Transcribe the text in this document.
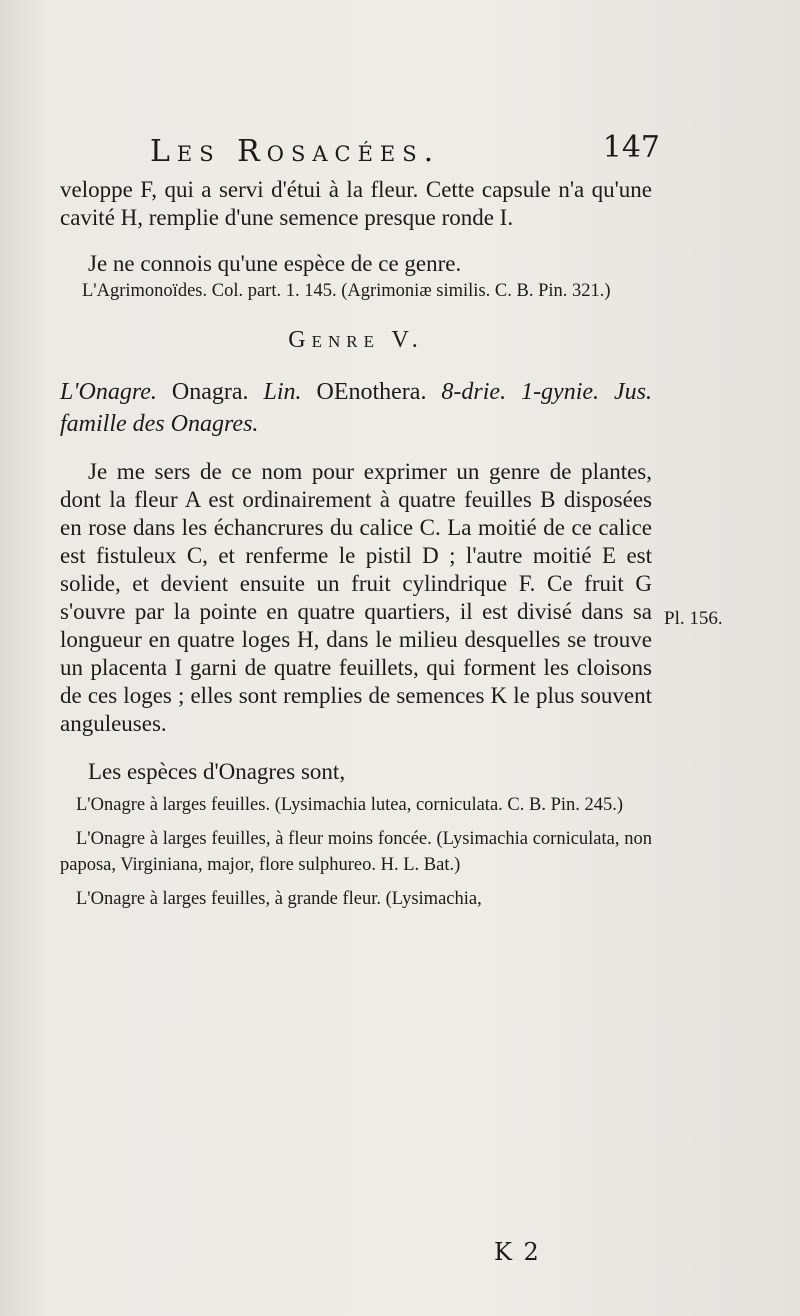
Les Rosacées.	147

veloppe F, qui a servi d'étui à la fleur. Cette capsule n'a qu'une cavité H, remplie d'une semence presque ronde I.

Je ne connois qu'une espèce de ce genre.

L'Agrimonoïdes. Col. part. 1. 145. (Agrimoniæ similis. C. B. Pin. 321.)

Genre V.
L'Onagre. Onagra. Lin. OEnothera. 8-drie. 1-gynie. Jus. famille des Onagres.

Je me sers de ce nom pour exprimer un genre de plantes, dont la fleur A est ordinairement à quatre feuilles B disposées en rose dans les échancrures du calice C. La moitié de ce calice est fistuleux C, et renferme le pistil D ; l'autre moitié E est solide, et devient ensuite un fruit cylindrique F. Ce fruit G s'ouvre par la pointe en quatre quartiers, il est divisé dans sa longueur en quatre loges H, dans le milieu desquelles se trouve un placenta I garni de quatre feuillets, qui forment les cloisons de ces loges ; elles sont remplies de semences K le plus souvent anguleuses.

Les espèces d'Onagres sont,

L'Onagre à larges feuilles. (Lysimachia lutea, corniculata. C. B. Pin. 245.)

L'Onagre à larges feuilles, à fleur moins foncée. (Lysimachia corniculata, non paposa, Virginiana, major, flore sulphureo. H. L. Bat.)

L'Onagre à larges feuilles, à grande fleur. (Lysimachia,

Pl. 156.
K 2
